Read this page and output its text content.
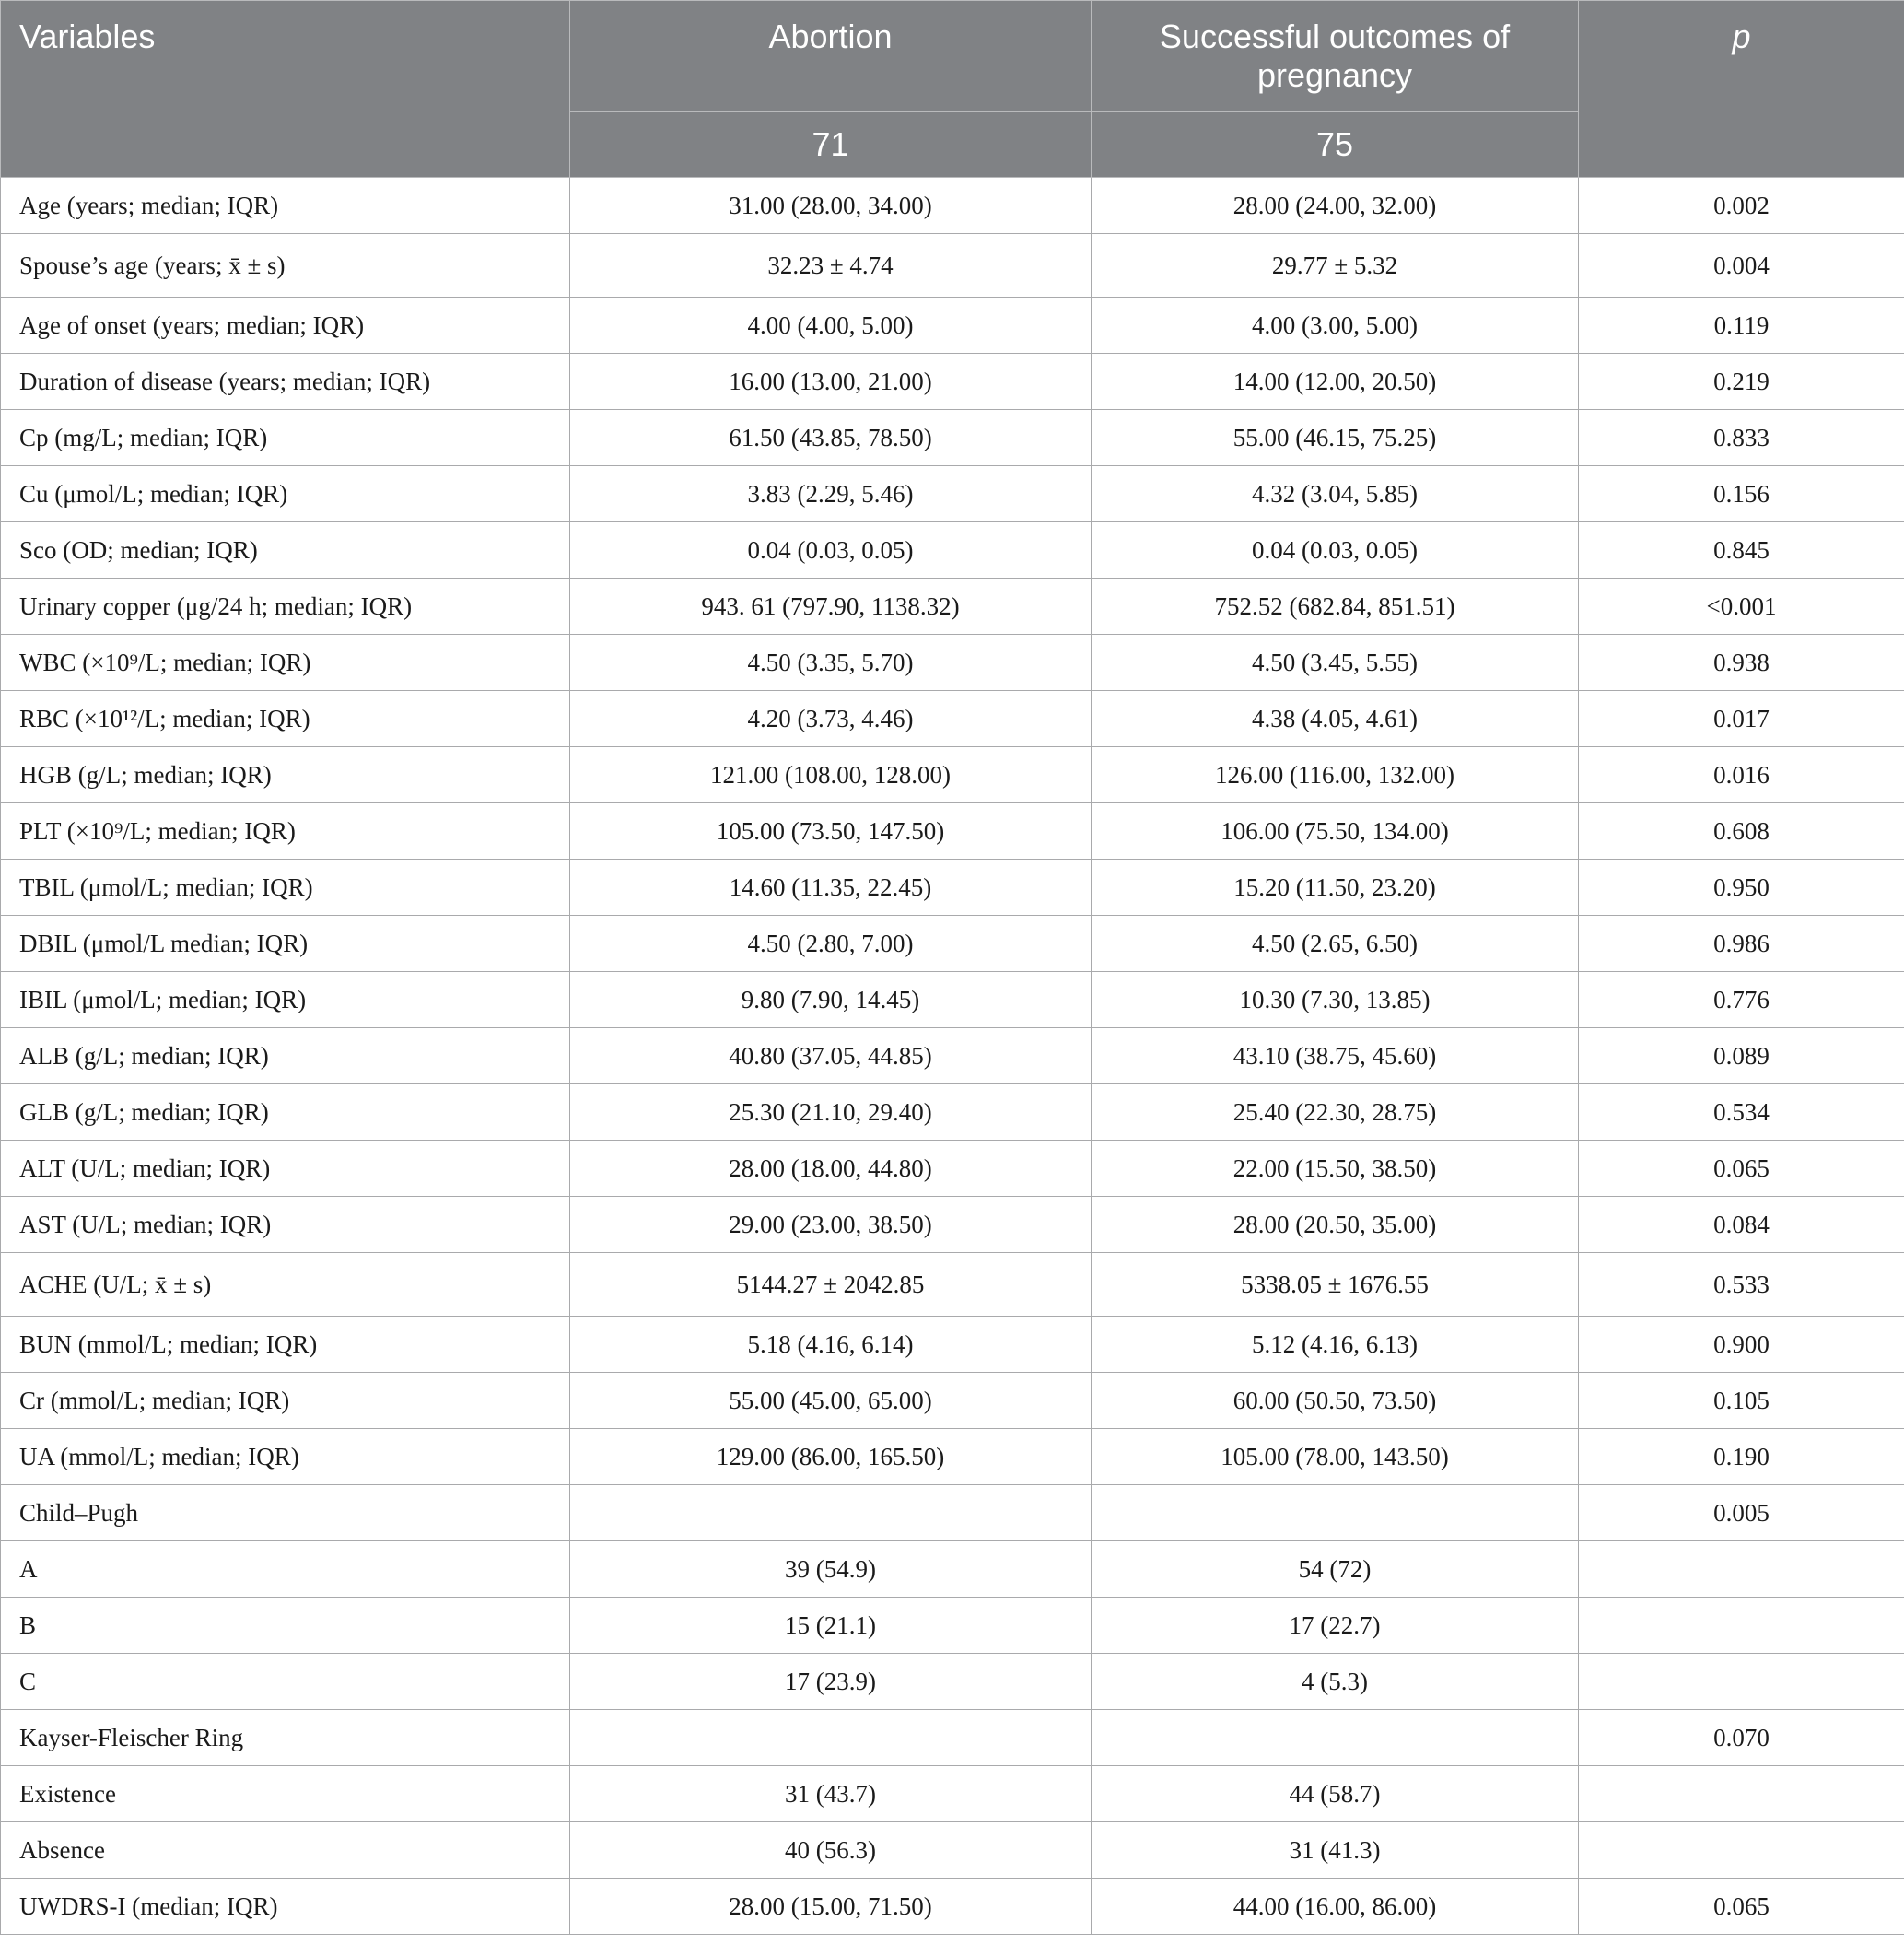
Variables	Abortion	Successful outcomes of pregnancy	p
	71	75	
Age (years; median; IQR)	31.00 (28.00, 34.00)	28.00 (24.00, 32.00)	0.002
Spouse’s age (years; x̄ ± s)	32.23 ± 4.74	29.77 ± 5.32	0.004
Age of onset (years; median; IQR)	4.00 (4.00, 5.00)	4.00 (3.00, 5.00)	0.119
Duration of disease (years; median; IQR)	16.00 (13.00, 21.00)	14.00 (12.00, 20.50)	0.219
Cp (mg/L; median; IQR)	61.50 (43.85, 78.50)	55.00 (46.15, 75.25)	0.833
Cu (μmol/L; median; IQR)	3.83 (2.29, 5.46)	4.32 (3.04, 5.85)	0.156
Sco (OD; median; IQR)	0.04 (0.03, 0.05)	0.04 (0.03, 0.05)	0.845
Urinary copper (μg/24 h; median; IQR)	943. 61 (797.90, 1138.32)	752.52 (682.84, 851.51)	<0.001
WBC (×10⁹/L; median; IQR)	4.50 (3.35, 5.70)	4.50 (3.45, 5.55)	0.938
RBC (×10¹²/L; median; IQR)	4.20 (3.73, 4.46)	4.38 (4.05, 4.61)	0.017
HGB (g/L; median; IQR)	121.00 (108.00, 128.00)	126.00 (116.00, 132.00)	0.016
PLT (×10⁹/L; median; IQR)	105.00 (73.50, 147.50)	106.00 (75.50, 134.00)	0.608
TBIL (μmol/L; median; IQR)	14.60 (11.35, 22.45)	15.20 (11.50, 23.20)	0.950
DBIL (μmol/L median; IQR)	4.50 (2.80, 7.00)	4.50 (2.65, 6.50)	0.986
IBIL (μmol/L; median; IQR)	9.80 (7.90, 14.45)	10.30 (7.30, 13.85)	0.776
ALB (g/L; median; IQR)	40.80 (37.05, 44.85)	43.10 (38.75, 45.60)	0.089
GLB (g/L; median; IQR)	25.30 (21.10, 29.40)	25.40 (22.30, 28.75)	0.534
ALT (U/L; median; IQR)	28.00 (18.00, 44.80)	22.00 (15.50, 38.50)	0.065
AST (U/L; median; IQR)	29.00 (23.00, 38.50)	28.00 (20.50, 35.00)	0.084
ACHE (U/L; x̄ ± s)	5144.27 ± 2042.85	5338.05 ± 1676.55	0.533
BUN (mmol/L; median; IQR)	5.18 (4.16, 6.14)	5.12 (4.16, 6.13)	0.900
Cr (mmol/L; median; IQR)	55.00 (45.00, 65.00)	60.00 (50.50, 73.50)	0.105
UA (mmol/L; median; IQR)	129.00 (86.00, 165.50)	105.00 (78.00, 143.50)	0.190
Child–Pugh			0.005
A	39 (54.9)	54 (72)	
B	15 (21.1)	17 (22.7)	
C	17 (23.9)	4 (5.3)	
Kayser-Fleischer Ring			0.070
Existence	31 (43.7)	44 (58.7)	
Absence	40 (56.3)	31 (41.3)	
UWDRS-I (median; IQR)	28.00 (15.00, 71.50)	44.00 (16.00, 86.00)	0.065
